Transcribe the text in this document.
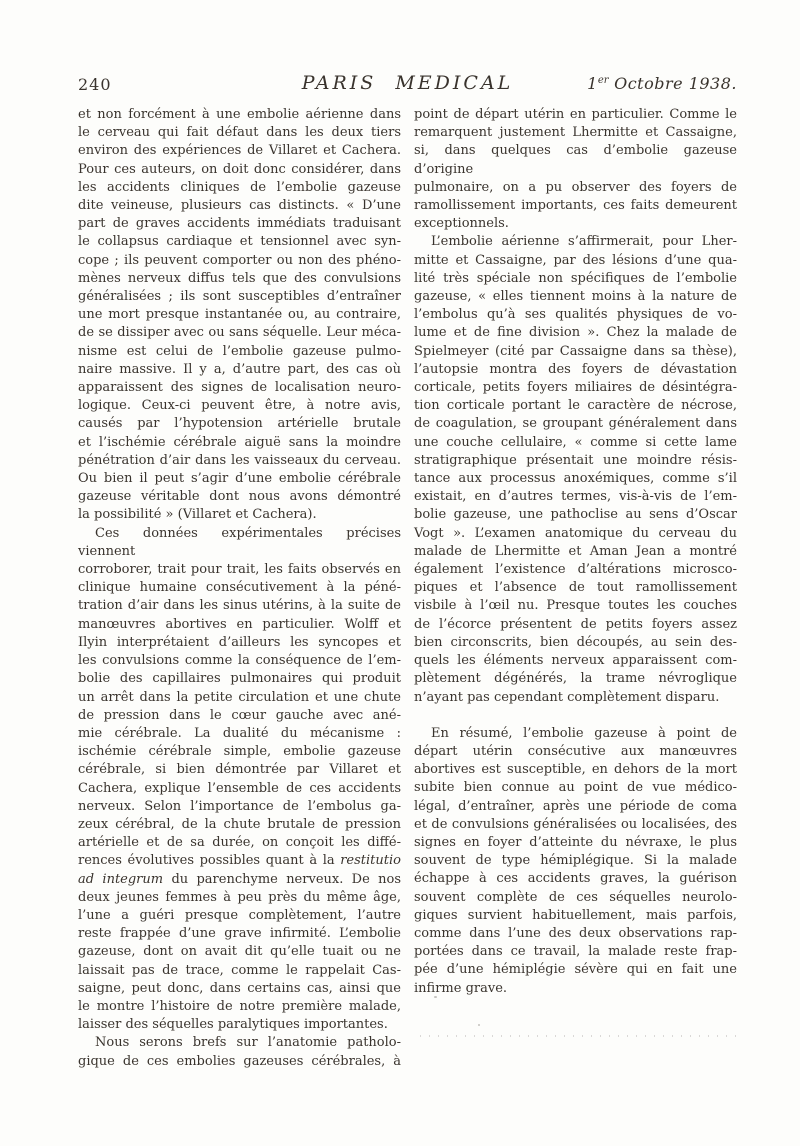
240	PARIS MEDICAL	1er Octobre 1938.
et non forcément à une embolie aérienne dans
le cerveau qui fait défaut dans les deux tiers
environ des expériences de Villaret et Cachera.
Pour ces auteurs, on doit donc considérer, dans
les accidents cliniques de l’embolie gazeuse
dite veineuse, plusieurs cas distincts. « D’une
part de graves accidents immédiats traduisant
le collapsus cardiaque et tensionnel avec syn-
cope ; ils peuvent comporter ou non des phéno-
mènes nerveux diffus tels que des convulsions
généralisées ; ils sont susceptibles d’entraîner
une mort presque instantanée ou, au contraire,
de se dissiper avec ou sans séquelle. Leur méca-
nisme est celui de l’embolie gazeuse pulmo-
naire massive. Il y a, d’autre part, des cas où
apparaissent des signes de localisation neuro-
logique. Ceux-ci peuvent être, à notre avis,
causés par l’hypotension artérielle brutale
et l’ischémie cérébrale aiguë sans la moindre
pénétration d’air dans les vaisseaux du cerveau.
Ou bien il peut s’agir d’une embolie cérébrale
gazeuse véritable dont nous avons démontré
la possibilité » (Villaret et Cachera).
Ces données expérimentales précises viennent
corroborer, trait pour trait, les faits observés en
clinique humaine consécutivement à la péné-
tration d’air dans les sinus utérins, à la suite de
manœuvres abortives en particulier. Wolff et
Ilyin interprétaient d’ailleurs les syncopes et
les convulsions comme la conséquence de l’em-
bolie des capillaires pulmonaires qui produit
un arrêt dans la petite circulation et une chute
de pression dans le cœur gauche avec ané-
mie cérébrale. La dualité du mécanisme :
ischémie cérébrale simple, embolie gazeuse
cérébrale, si bien démontrée par Villaret et
Cachera, explique l’ensemble de ces accidents
nerveux. Selon l’importance de l’embolus ga-
zeux cérébral, de la chute brutale de pression
artérielle et de sa durée, on conçoit les diffé-
rences évolutives possibles quant à la restitutio
ad integrum du parenchyme nerveux. De nos
deux jeunes femmes à peu près du même âge,
l’une a guéri presque complètement, l’autre
reste frappée d’une grave infirmité. L’embolie
gazeuse, dont on avait dit qu’elle tuait ou ne
laissait pas de trace, comme le rappelait Cas-
saigne, peut donc, dans certains cas, ainsi que
le montre l’histoire de notre première malade,
laisser des séquelles paralytiques importantes.
Nous serons brefs sur l’anatomie patholo-
gique de ces embolies gazeuses cérébrales, à
point de départ utérin en particulier. Comme le
remarquent justement Lhermitte et Cassaigne,
si, dans quelques cas d’embolie gazeuse d’origine
pulmonaire, on a pu observer des foyers de
ramollissement importants, ces faits demeurent
exceptionnels.
L’embolie aérienne s’affirmerait, pour Lher-
mitte et Cassaigne, par des lésions d’une qua-
lité très spéciale non spécifiques de l’embolie
gazeuse, « elles tiennent moins à la nature de
l’embolus qu’à ses qualités physiques de vo-
lume et de fine division ». Chez la malade de
Spielmeyer (cité par Cassaigne dans sa thèse),
l’autopsie montra des foyers de dévastation
corticale, petits foyers miliaires de désintégra-
tion corticale portant le caractère de nécrose,
de coagulation, se groupant généralement dans
une couche cellulaire, « comme si cette lame
stratigraphique présentait une moindre résis-
tance aux processus anoxémiques, comme s’il
existait, en d’autres termes, vis-à-vis de l’em-
bolie gazeuse, une pathoclise au sens d’Oscar
Vogt ». L’examen anatomique du cerveau du
malade de Lhermitte et Aman Jean a montré
également l’existence d’altérations microsco-
piques et l’absence de tout ramollissement
visbile à l’œil nu. Presque toutes les couches
de l’écorce présentent de petits foyers assez
bien circonscrits, bien découpés, au sein des-
quels les éléments nerveux apparaissent com-
plètement dégénérés, la trame névroglique
n’ayant pas cependant complètement disparu.
En résumé, l’embolie gazeuse à point de
départ utérin consécutive aux manœuvres
abortives est susceptible, en dehors de la mort
subite bien connue au point de vue médico-
légal, d’entraîner, après une période de coma
et de convulsions généralisées ou localisées, des
signes en foyer d’atteinte du névraxe, le plus
souvent de type hémiplégique. Si la malade
échappe à ces accidents graves, la guérison
souvent complète de ces séquelles neurolo-
giques survient habituellement, mais parfois,
comme dans l’une des deux observations rap-
portées dans ce travail, la malade reste frap-
pée d’une hémiplégie sévère qui en fait une
infirme grave.
